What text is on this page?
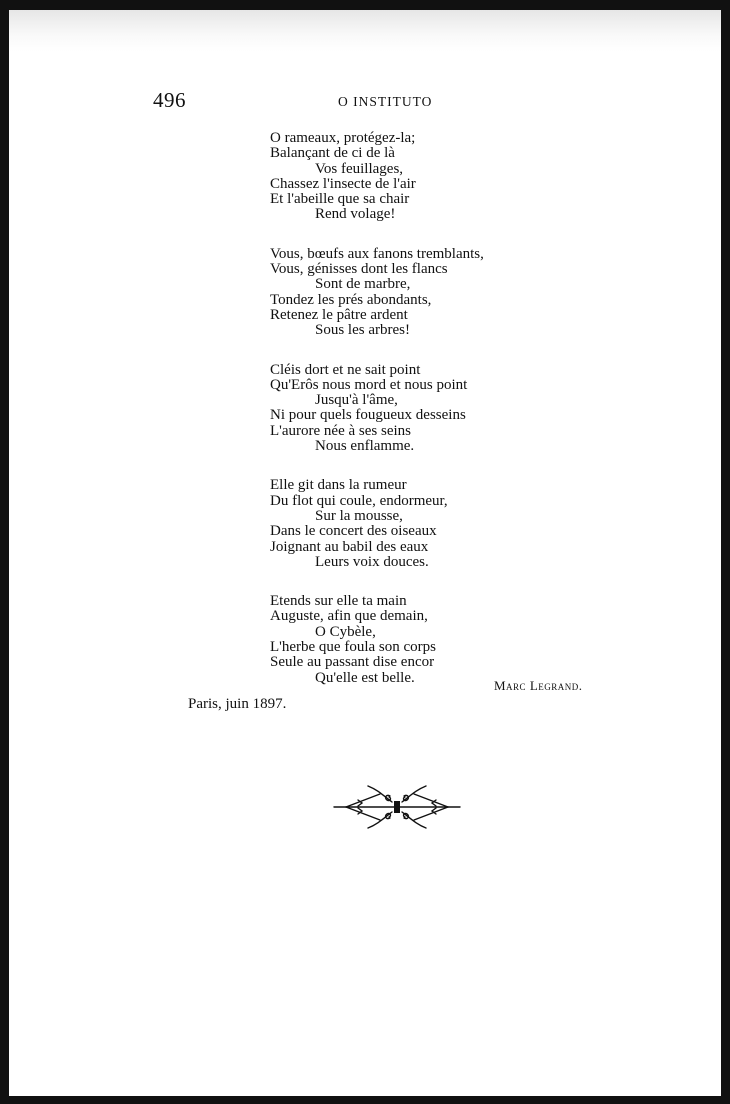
496	O INSTITUTO
O rameaux, protégez-la;
Balançant de ci de là
Vos feuillages,
Chassez l'insecte de l'air
Et l'abeille que sa chair
Rend volage!
Vous, bœufs aux fanons tremblants,
Vous, génisses dont les flancs
Sont de marbre,
Tondez les prés abondants,
Retenez le pâtre ardent
Sous les arbres!
Cléis dort et ne sait point
Qu'Erôs nous mord et nous point
Jusqu'à l'âme,
Ni pour quels fougueux desseins
L'aurore née à ses seins
Nous enflamme.
Elle git dans la rumeur
Du flot qui coule, endormeur,
Sur la mousse,
Dans le concert des oiseaux
Joignant au babil des eaux
Leurs voix douces.
Etends sur elle ta main
Auguste, afin que demain,
O Cybèle,
L'herbe que foula son corps
Seule au passant dise encor
Qu'elle est belle.	Marc Legrand.
Paris, juin 1897.
